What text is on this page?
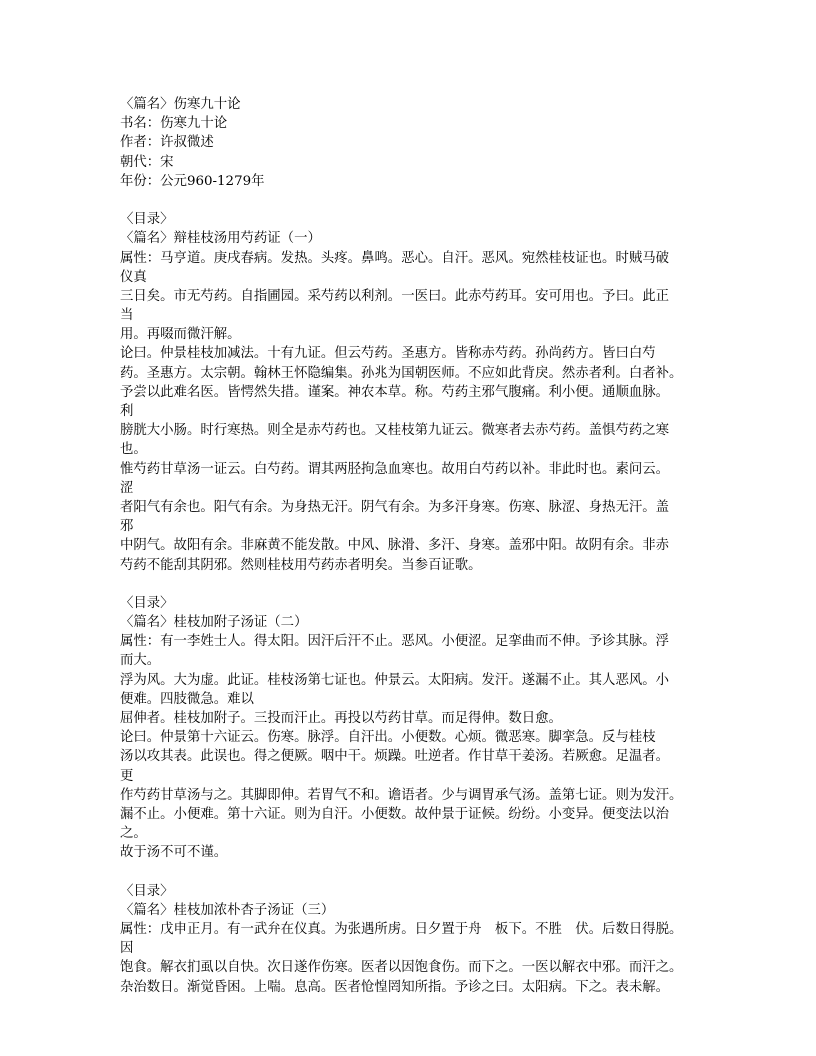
〈篇名〉伤寒九十论
书名：伤寒九十论
作者：许叔微述
朝代：宋
年份：公元960-1279年
〈目录〉
〈篇名〉辩桂枝汤用芍药证（一）
属性：马亨道。庚戌春病。发热。头疼。鼻鸣。恶心。自汗。恶风。宛然桂枝证也。时贼马破
仪真
三日矣。市无芍药。自指圃园。采芍药以利剂。一医曰。此赤芍药耳。安可用也。予曰。此正
当
用。再啜而微汗解。
论曰。仲景桂枝加减法。十有九证。但云芍药。圣惠方。皆称赤芍药。孙尚药方。皆曰白芍
药。圣惠方。太宗朝。翰林王怀隐编集。孙兆为国朝医师。不应如此背戾。然赤者利。白者补。
予尝以此难名医。皆愕然失措。谨案。神农本草。称。芍药主邪气腹痛。利小便。通顺血脉。
利
膀胱大小肠。时行寒热。则全是赤芍药也。又桂枝第九证云。微寒者去赤芍药。盖惧芍药之寒
也。
惟芍药甘草汤一证云。白芍药。谓其两胫拘急血寒也。故用白芍药以补。非此时也。素问云。
涩
者阳气有余也。阳气有余。为身热无汗。阴气有余。为多汗身寒。伤寒、脉涩、身热无汗。盖
邪
中阴气。故阳有余。非麻黄不能发散。中风、脉滑、多汗、身寒。盖邪中阳。故阴有余。非赤
芍药不能刮其阴邪。然则桂枝用芍药赤者明矣。当参百证歌。
〈目录〉
〈篇名〉桂枝加附子汤证（二）
属性：有一李姓士人。得太阳。因汗后汗不止。恶风。小便涩。足挛曲而不伸。予诊其脉。浮
而大。
浮为风。大为虚。此证。桂枝汤第七证也。仲景云。太阳病。发汗。遂漏不止。其人恶风。小
便难。四肢微急。难以
屈伸者。桂枝加附子。三投而汗止。再投以芍药甘草。而足得伸。数日愈。
论曰。仲景第十六证云。伤寒。脉浮。自汗出。小便数。心烦。微恶寒。脚挛急。反与桂枝
汤以攻其表。此误也。得之便厥。咽中干。烦躁。吐逆者。作甘草干姜汤。若厥愈。足温者。
更
作芍药甘草汤与之。其脚即伸。若胃气不和。谵语者。少与调胃承气汤。盖第七证。则为发汗。
漏不止。小便难。第十六证。则为自汗。小便数。故仲景于证候。纷纷。小变异。便变法以治
之。
故于汤不可不谨。
〈目录〉
〈篇名〉桂枝加浓朴杏子汤证（三）
属性：戊申正月。有一武弁在仪真。为张遇所虏。日夕置于舟　板下。不胜　伏。后数日得脱。
因
饱食。解衣扪虱以自快。次日遂作伤寒。医者以因饱食伤。而下之。一医以解衣中邪。而汗之。
杂治数日。渐觉昏困。上喘。息高。医者怆惶罔知所指。予诊之曰。太阳病。下之。表未解。
